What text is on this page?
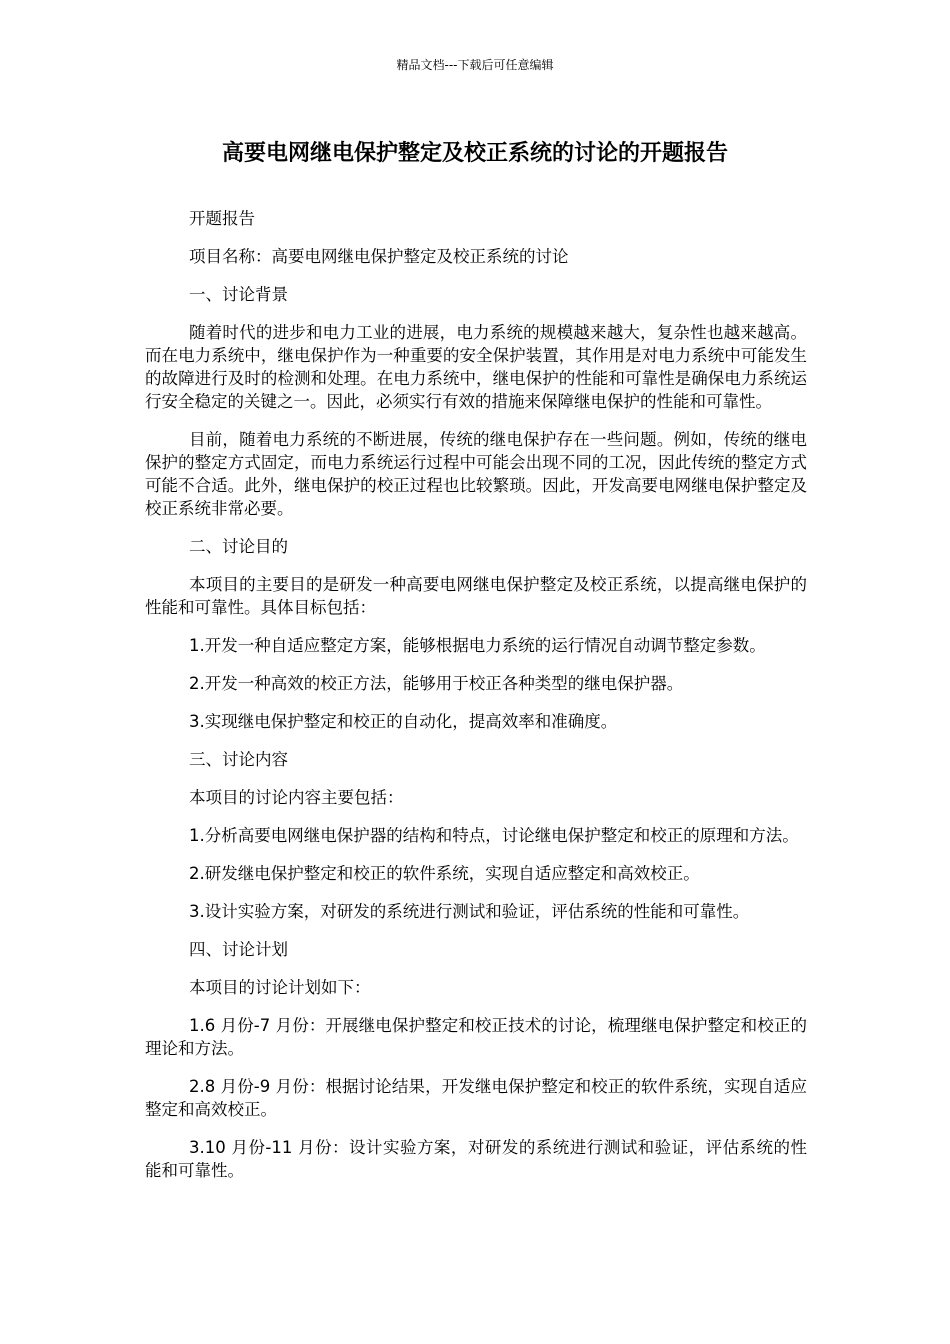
精品文档---下载后可任意编辑
高要电网继电保护整定及校正系统的讨论的开题报告

开题报告

项目名称：高要电网继电保护整定及校正系统的讨论

一、讨论背景

随着时代的进步和电力工业的进展，电力系统的规模越来越大，复杂性也越来越高。而在电力系统中，继电保护作为一种重要的安全保护装置，其作用是对电力系统中可能发生的故障进行及时的检测和处理。在电力系统中，继电保护的性能和可靠性是确保电力系统运行安全稳定的关键之一。因此，必须实行有效的措施来保障继电保护的性能和可靠性。

目前，随着电力系统的不断进展，传统的继电保护存在一些问题。例如，传统的继电保护的整定方式固定，而电力系统运行过程中可能会出现不同的工况，因此传统的整定方式可能不合适。此外，继电保护的校正过程也比较繁琐。因此，开发高要电网继电保护整定及校正系统非常必要。

二、讨论目的

本项目的主要目的是研发一种高要电网继电保护整定及校正系统，以提高继电保护的性能和可靠性。具体目标包括：

1.开发一种自适应整定方案，能够根据电力系统的运行情况自动调节整定参数。

2.开发一种高效的校正方法，能够用于校正各种类型的继电保护器。

3.实现继电保护整定和校正的自动化，提高效率和准确度。

三、讨论内容

本项目的讨论内容主要包括：

1.分析高要电网继电保护器的结构和特点，讨论继电保护整定和校正的原理和方法。

2.研发继电保护整定和校正的软件系统，实现自适应整定和高效校正。

3.设计实验方案，对研发的系统进行测试和验证，评估系统的性能和可靠性。

四、讨论计划

本项目的讨论计划如下：

1.6 月份-7 月份：开展继电保护整定和校正技术的讨论，梳理继电保护整定和校正的理论和方法。

2.8 月份-9 月份：根据讨论结果，开发继电保护整定和校正的软件系统，实现自适应整定和高效校正。

3.10 月份-11 月份：设计实验方案，对研发的系统进行测试和验证，评估系统的性能和可靠性。
